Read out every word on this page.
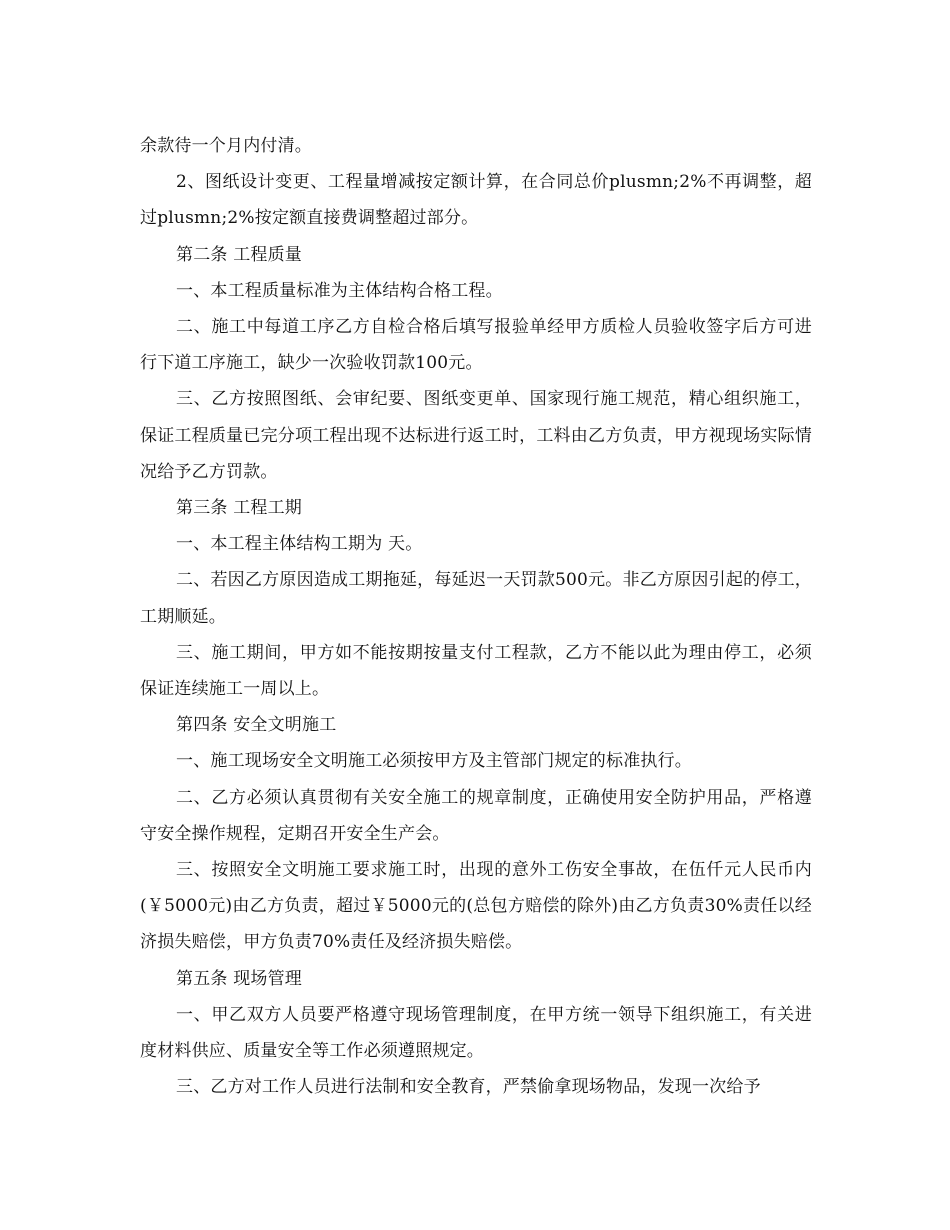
余款待一个月内付清。

2、图纸设计变更、工程量增减按定额计算，在合同总价plusmn;2%不再调整，超过plusmn;2%按定额直接费调整超过部分。

第二条 工程质量

一、本工程质量标准为主体结构合格工程。

二、施工中每道工序乙方自检合格后填写报验单经甲方质检人员验收签字后方可进行下道工序施工，缺少一次验收罚款100元。

三、乙方按照图纸、会审纪要、图纸变更单、国家现行施工规范，精心组织施工，保证工程质量已完分项工程出现不达标进行返工时，工料由乙方负责，甲方视现场实际情况给予乙方罚款。

第三条 工程工期

一、本工程主体结构工期为 天。

二、若因乙方原因造成工期拖延，每延迟一天罚款500元。非乙方原因引起的停工，工期顺延。

三、施工期间，甲方如不能按期按量支付工程款，乙方不能以此为理由停工，必须保证连续施工一周以上。

第四条 安全文明施工

一、施工现场安全文明施工必须按甲方及主管部门规定的标准执行。

二、乙方必须认真贯彻有关安全施工的规章制度，正确使用安全防护用品，严格遵守安全操作规程，定期召开安全生产会。

三、按照安全文明施工要求施工时，出现的意外工伤安全事故，在伍仟元人民币内(￥5000元)由乙方负责，超过￥5000元的(总包方赔偿的除外)由乙方负责30%责任以经济损失赔偿，甲方负责70%责任及经济损失赔偿。

第五条 现场管理

一、甲乙双方人员要严格遵守现场管理制度，在甲方统一领导下组织施工，有关进度材料供应、质量安全等工作必须遵照规定。

三、乙方对工作人员进行法制和安全教育，严禁偷拿现场物品，发现一次给予
